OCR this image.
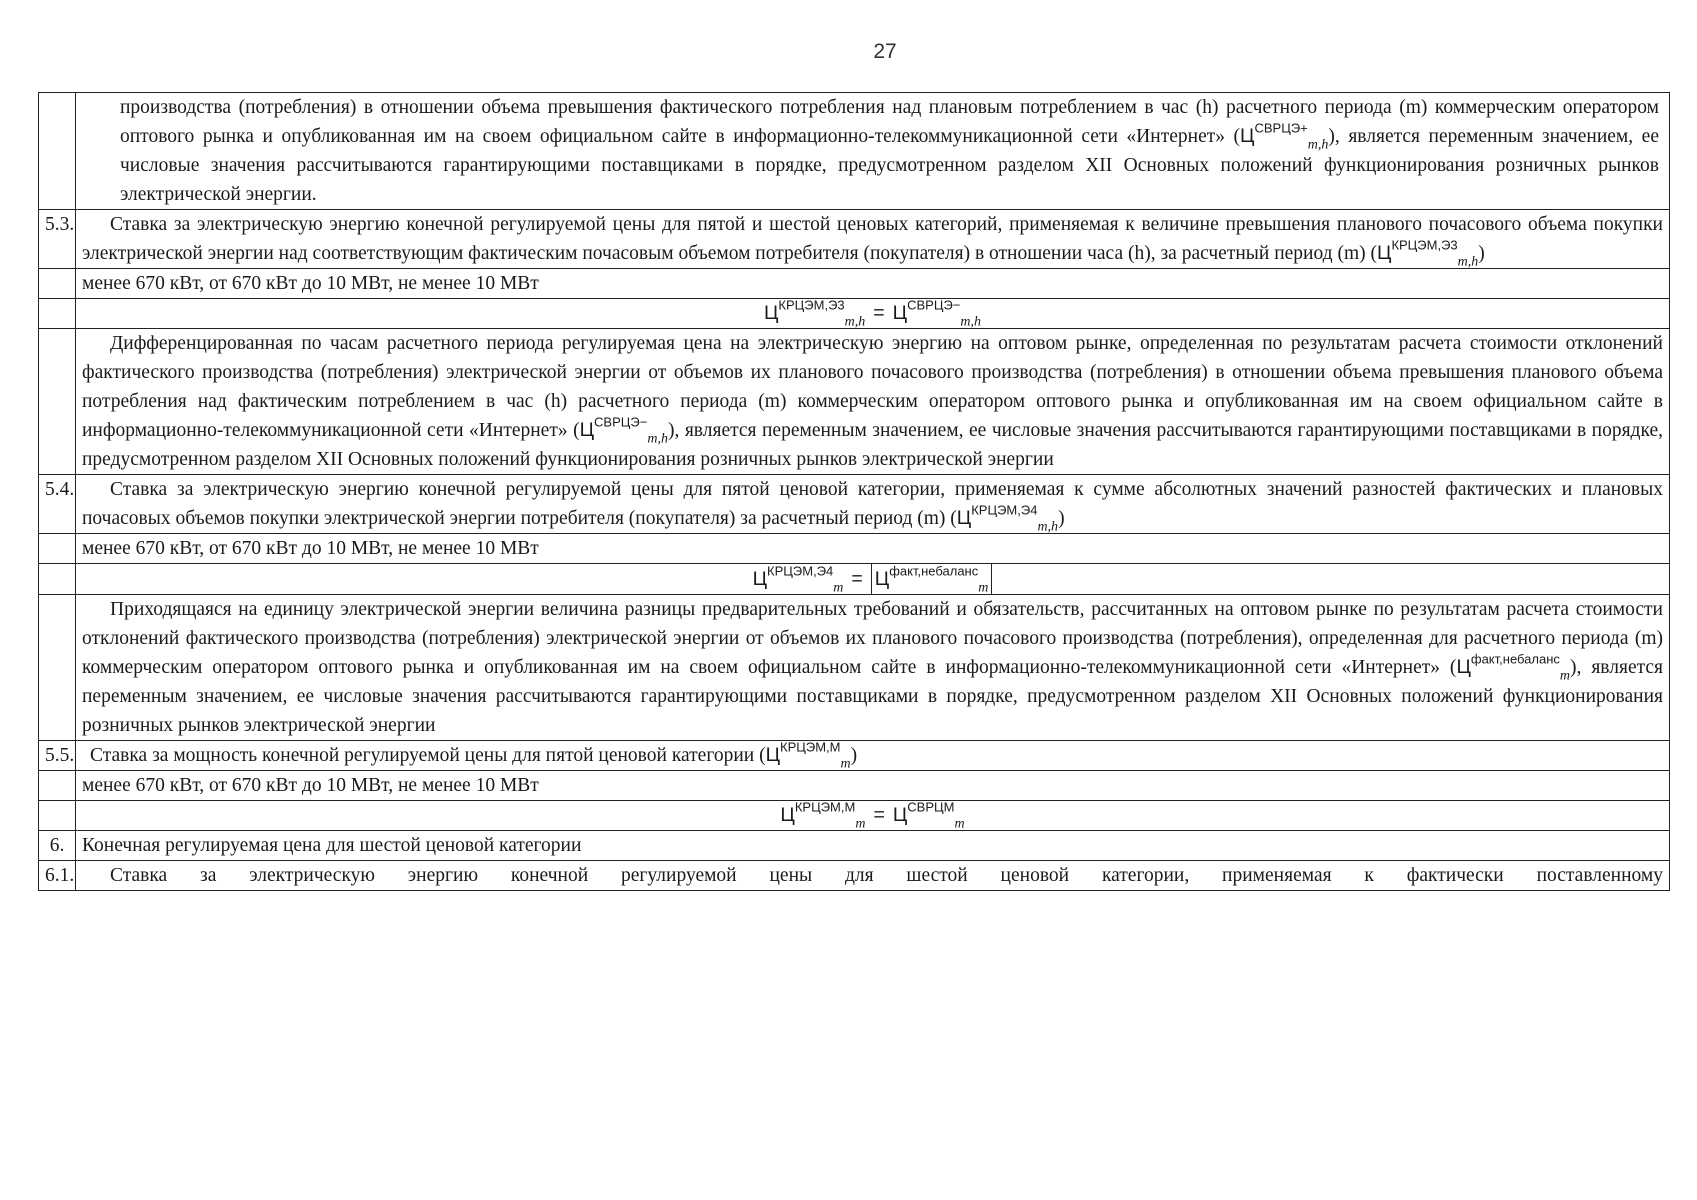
27
	производства (потребления) в отношении объема превышения фактического потребления над плановым потреблением в час (h) расчетного периода (m) коммерческим оператором оптового рынка и опубликованная им на своем официальном сайте в информационно-телекоммуникационной сети «Интернет» $(Ц^{СВРЦЭ+}_{m,h})$, является переменным значением, ее числовые значения рассчитываются гарантирующими поставщиками в порядке, предусмотренном разделом XII Основных положений функционирования розничных рынков электрической энергии.
5.3.	Ставка за электрическую энергию конечной регулируемой цены для пятой и шестой ценовых категорий, применяемая к величине превышения планового почасового объема покупки электрической энергии над соответствующим фактическим почасовым объемом потребителя (покупателя) в отношении часа (h), за расчетный период (m) $(Ц^{КРЦЭМ,Э3}_{m,h})$
	менее 670 кВт, от 670 кВт до 10 МВт, не менее 10 МВт
	$Ц^{КРЦЭМ,Э3}_{m,h} = Ц^{СВРЦЭ-}_{m,h}$
	Дифференцированная по часам расчетного периода регулируемая цена на электрическую энергию на оптовом рынке, определенная по результатам расчета стоимости отклонений фактического производства (потребления) электрической энергии от объемов их планового почасового производства (потребления) в отношении объема превышения планового объема потребления над фактическим потреблением в час (h) расчетного периода (m) коммерческим оператором оптового рынка и опубликованная им на своем официальном сайте в информационно-телекоммуникационной сети «Интернет» $(Ц^{СВРЦЭ-}_{m,h})$, является переменным значением, ее числовые значения рассчитываются гарантирующими поставщиками в порядке, предусмотренном разделом XII Основных положений функционирования розничных рынков электрической энергии
5.4.	Ставка за электрическую энергию конечной регулируемой цены для пятой ценовой категории, применяемая к сумме абсолютных значений разностей фактических и плановых почасовых объемов покупки электрической энергии потребителя (покупателя) за расчетный период (m) $(Ц^{КРЦЭМ,Э4}_{m,h})$
	менее 670 кВт, от 670 кВт до 10 МВт, не менее 10 МВт
	$Ц^{КРЦЭМ,Э4}_m = Ц^{факт,небаланс}_m$
	Приходящаяся на единицу электрической энергии величина разницы предварительных требований и обязательств, рассчитанных на оптовом рынке по результатам расчета стоимости отклонений фактического производства (потребления) электрической энергии от объемов их планового почасового производства (потребления), определенная для расчетного периода (m) коммерческим оператором оптового рынка и опубликованная им на своем официальном сайте в информационно-телекоммуникационной сети «Интернет» $(Ц^{факт,небаланс}_m)$, является переменным значением, ее числовые значения рассчитываются гарантирующими поставщиками в порядке, предусмотренном разделом XII Основных положений функционирования розничных рынков электрической энергии
5.5.	Ставка за мощность конечной регулируемой цены для пятой ценовой категории $(Ц^{КРЦЭМ,М}_m)$
	менее 670 кВт, от 670 кВт до 10 МВт, не менее 10 МВт
	$Ц^{КРЦЭМ,М}_m = Ц^{СВРЦМ}_m$
6.	Конечная регулируемая цена для шестой ценовой категории
6.1.	Ставка за электрическую энергию конечной регулируемой цены для шестой ценовой категории, применяемая к фактически поставленному
